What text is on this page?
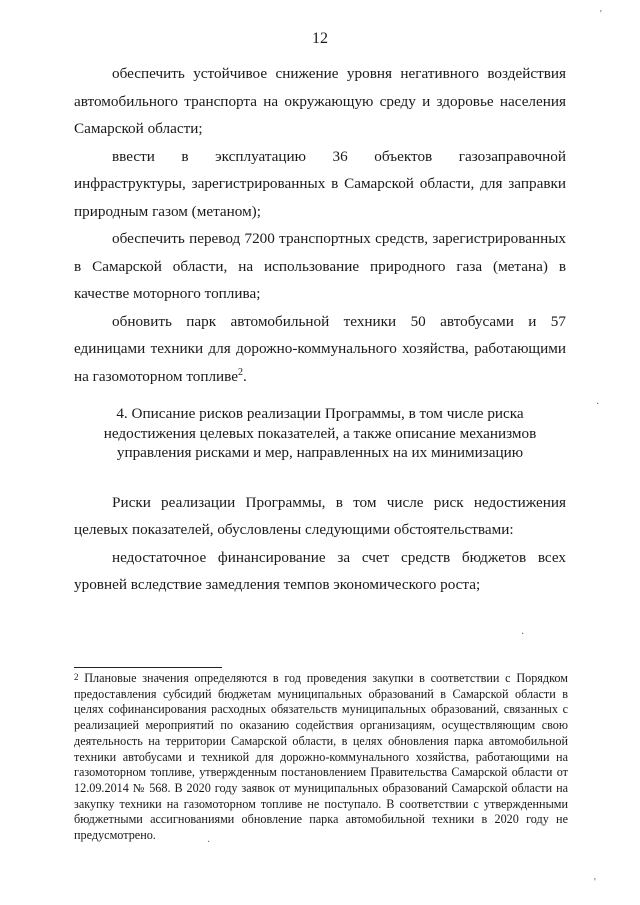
12

обеспечить устойчивое снижение уровня негативного воздействия автомобильного транспорта на окружающую среду и здоровье населения Самарской области;

ввести в эксплуатацию 36 объектов газозаправочной инфраструктуры, зарегистрированных в Самарской области, для заправки природным газом (метаном);

обеспечить перевод 7200 транспортных средств, зарегистрированных в Самарской области, на использование природного газа (метана) в качестве моторного топлива;

обновить парк автомобильной техники 50 автобусами и 57 единицами техники для дорожно-коммунального хозяйства, работающими на газомоторном топливе$^2$.

4. Описание рисков реализации Программы, в том числе риска недостижения целевых показателей, а также описание механизмов управления рисками и мер, направленных на их минимизацию

Риски реализации Программы, в том числе риск недостижения целевых показателей, обусловлены следующими обстоятельствами:

недостаточное финансирование за счет средств бюджетов всех уровней вследствие замедления темпов экономического роста;

$^2$ Плановые значения определяются в год проведения закупки в соответствии с Порядком предоставления субсидий бюджетам муниципальных образований в Самарской области в целях софинансирования расходных обязательств муниципальных образований, связанных с реализацией мероприятий по оказанию содействия организациям, осуществляющим свою деятельность на территории Самарской области, в целях обновления парка автомобильной техники автобусами и техникой для дорожно-коммунального хозяйства, работающими на газомоторном топливе, утвержденным постановлением Правительства Самарской области от 12.09.2014 № 568. В 2020 году заявок от муниципальных образований Самарской области на закупку техники на газомоторном топливе не поступало. В соответствии с утвержденными бюджетными ассигнованиями обновление парка автомобильной техники в 2020 году не предусмотрено.
'
·
·
'
·
